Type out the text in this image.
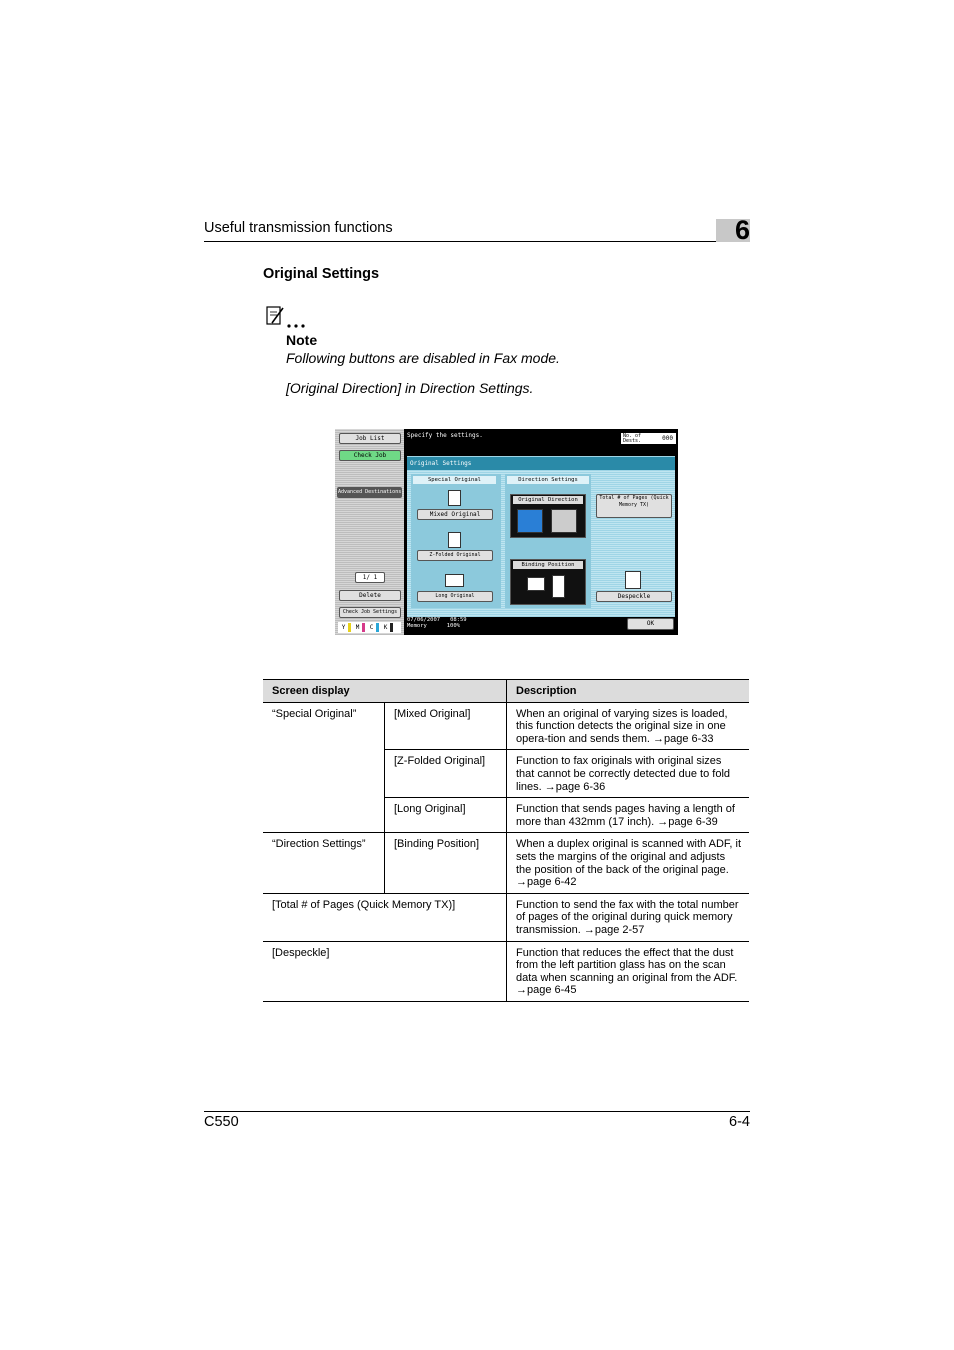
Useful transmission functions	6
Original Settings
Note
Following buttons are disabled in Fax mode.
[Original Direction] in Direction Settings.
Job List
Check Job
Advanced Destinations
1/ 1
Delete
Check Job Settings
Y M C K
Specify the settings.	No. of Dests.	000
Original Settings
Special Original
Mixed Original
Z-Folded Original
Long Original
Direction Settings
Original Direction
Binding Position
Total # of Pages (Quick Memory TX)
Despeckle
OK
07/06/2007 08:59
Memory	100%
Screen display		Description
“Special Original”	[Mixed Original]	When an original of varying sizes is loaded, this function detects the original size in one opera-tion and sends them. →page 6-33
	[Z-Folded Original]	Function to fax originals with original sizes that cannot be correctly detected due to fold lines. →page 6-36
	[Long Original]	Function that sends pages having a length of more than 432mm (17 inch). →page 6-39
“Direction Settings”	[Binding Position]	When a duplex original is scanned with ADF, it sets the margins of the original and adjusts the position of the back of the original page. →page 6-42
[Total # of Pages (Quick Memory TX)]		Function to send the fax with the total number of pages of the original during quick memory transmission. →page 2-57
[Despeckle]		Function that reduces the effect that the dust from the left partition glass has on the scan data when scanning an original from the ADF. →page 6-45
C550	6-4
